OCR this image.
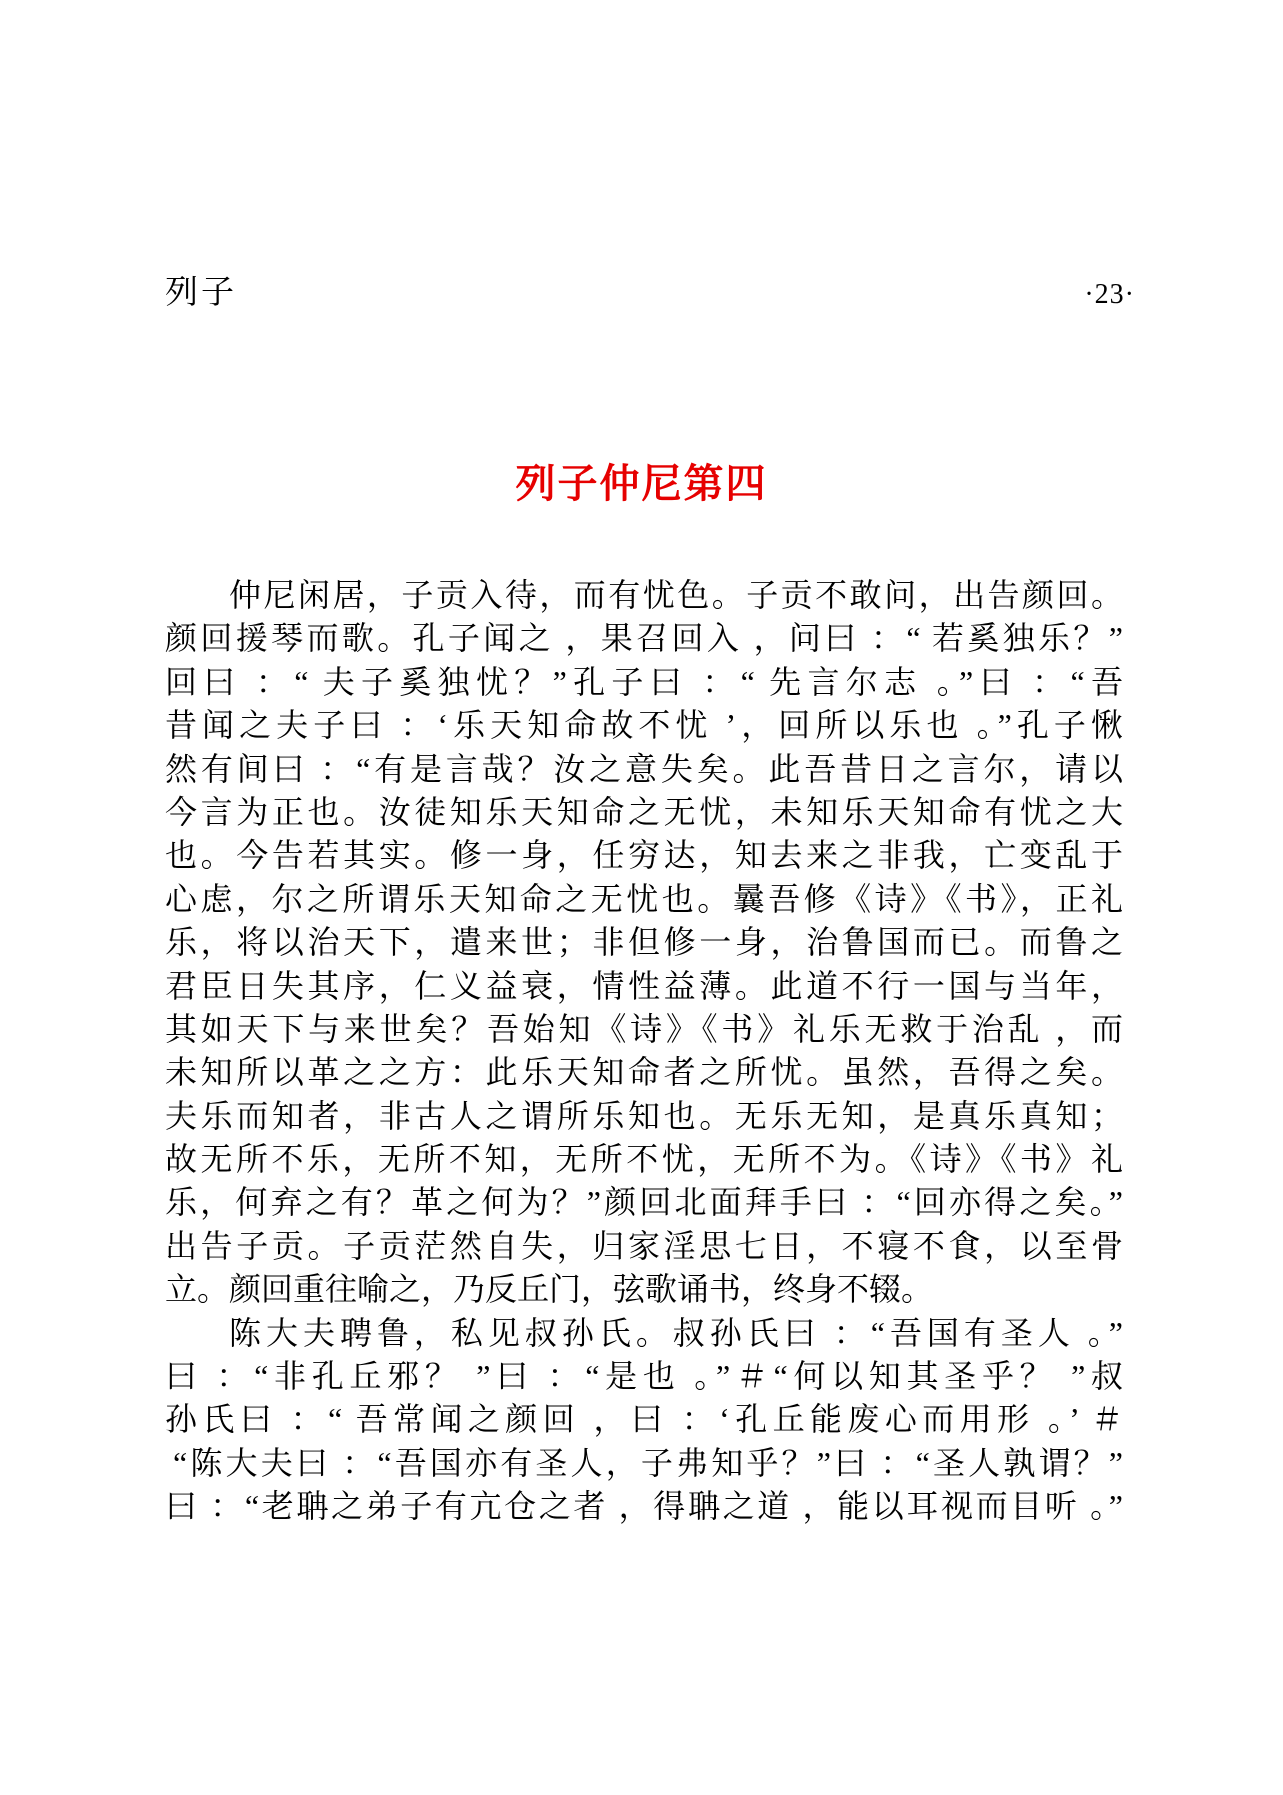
列子	·23·
列子仲尼第四
仲尼闲居，子贡入待，而有忧色。子贡不敢问，出告颜回。
颜回援琴而歌。孔子闻之 ，果召回入 ，问曰 ：“ 若奚独乐？”
回曰 ：“ 夫子奚独忧？”孔子曰 ：“ 先言尔志 。”曰 ：“吾
昔闻之夫子曰 ：‘乐天知命故不忧 ’，回所以乐也 。”孔子愀
然有间曰 ：“有是言哉？汝之意失矣。此吾昔日之言尔，请以
今言为正也。汝徒知乐天知命之无忧，未知乐天知命有忧之大
也。今告若其实。修一身，任穷达，知去来之非我，亡变乱于
心虑，尔之所谓乐天知命之无忧也。曩吾修《诗》《书》，正礼
乐，将以治天下，遣来世；非但修一身，治鲁国而已。而鲁之
君臣日失其序，仁义益衰，情性益薄。此道不行一国与当年，
其如天下与来世矣？吾始知《诗》《书》礼乐无救于治乱 ，而
未知所以革之之方：此乐天知命者之所忧。虽然，吾得之矣。
夫乐而知者，非古人之谓所乐知也。无乐无知，是真乐真知；
故无所不乐，无所不知，无所不忧，无所不为。《诗》《书》礼
乐，何弃之有？革之何为？”颜回北面拜手曰 ：“回亦得之矣。”
出告子贡。子贡茫然自失，归家淫思七日，不寝不食，以至骨
立。颜回重往喻之，乃反丘门，弦歌诵书，终身不辍。
陈大夫聘鲁，私见叔孙氏。叔孙氏曰 ：“吾国有圣人 。”
曰 ：“非孔丘邪？ ”曰 ：“是也 。”＃“何以知其圣乎？ ”叔
孙氏曰 ：“ 吾常闻之颜回 ，曰 ：‘孔丘能废心而用形 。’ ＃
“陈大夫曰 ：“吾国亦有圣人，子弗知乎？”曰 ：“圣人孰谓？”
曰 ：“老聃之弟子有亢仓之者 ，得聃之道 ，能以耳视而目听 。”
